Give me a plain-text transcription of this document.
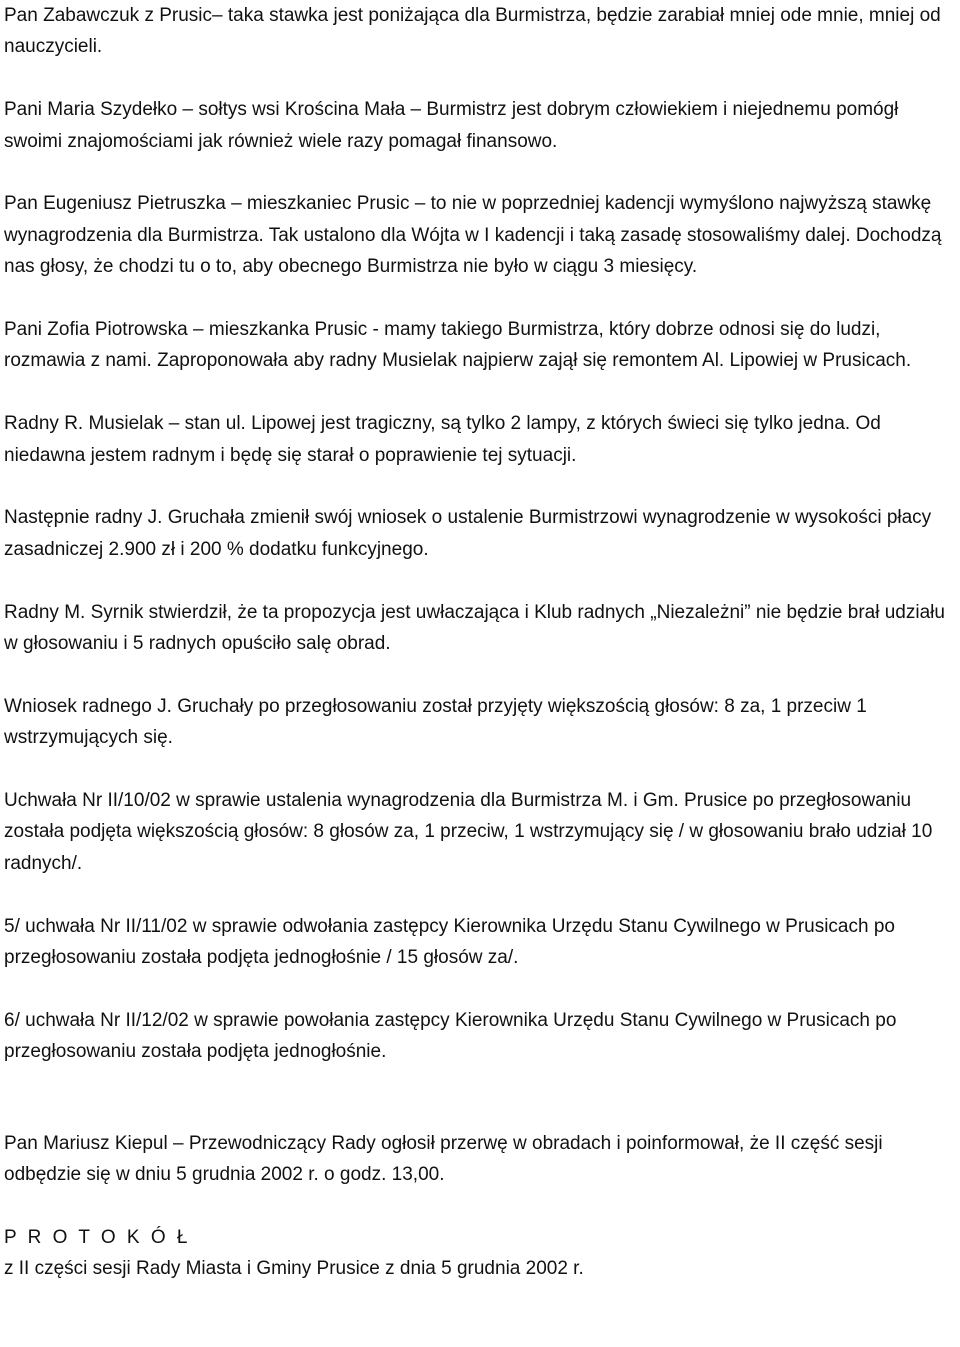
Pan Zabawczuk z Prusic– taka stawka jest poniżająca dla Burmistrza, będzie zarabiał mniej ode mnie, mniej od nauczycieli.

Pani Maria Szydełko – sołtys wsi Krościna Mała – Burmistrz jest dobrym człowiekiem i niejednemu pomógł swoimi znajomościami jak również wiele razy pomagał finansowo.

Pan Eugeniusz Pietruszka – mieszkaniec Prusic – to nie w poprzedniej kadencji wymyślono najwyższą stawkę wynagrodzenia dla Burmistrza. Tak ustalono dla Wójta w I kadencji i taką zasadę stosowaliśmy dalej. Dochodzą nas głosy, że chodzi tu o to, aby obecnego Burmistrza nie było w ciągu 3 miesięcy.

Pani Zofia Piotrowska – mieszkanka Prusic - mamy takiego Burmistrza, który dobrze odnosi się do ludzi, rozmawia z nami. Zaproponowała aby radny Musielak najpierw zajął się remontem Al. Lipowiej w Prusicach.

Radny R. Musielak – stan ul. Lipowej jest tragiczny, są tylko 2 lampy, z których świeci się tylko jedna. Od niedawna jestem radnym i będę się starał o poprawienie tej sytuacji.

Następnie radny J. Gruchała zmienił swój wniosek o ustalenie Burmistrzowi wynagrodzenie w wysokości płacy zasadniczej 2.900 zł i 200 % dodatku funkcyjnego.

Radny M. Syrnik stwierdził, że ta propozycja jest uwłaczająca i Klub radnych „Niezależni” nie będzie brał udziału w głosowaniu i 5 radnych opuściło salę obrad.

Wniosek radnego J. Gruchały po przegłosowaniu został przyjęty większością głosów: 8 za, 1 przeciw 1 wstrzymujących się.

Uchwała Nr II/10/02 w sprawie ustalenia wynagrodzenia dla Burmistrza M. i Gm. Prusice po przegłosowaniu została podjęta większością głosów: 8 głosów za, 1 przeciw, 1 wstrzymujący się / w głosowaniu brało udział 10 radnych/.

5/ uchwała Nr II/11/02 w sprawie odwołania zastępcy Kierownika Urzędu Stanu Cywilnego w Prusicach po przegłosowaniu została podjęta jednogłośnie / 15 głosów za/.

6/ uchwała Nr II/12/02 w sprawie powołania zastępcy Kierownika Urzędu Stanu Cywilnego w Prusicach po przegłosowaniu została podjęta jednogłośnie.

Pan Mariusz Kiepul – Przewodniczący Rady ogłosił przerwę w obradach i poinformował, że II część sesji odbędzie się w dniu 5 grudnia 2002 r. o godz. 13,00.

P R O T O K Ó Ł

z II części sesji Rady Miasta i Gminy Prusice z dnia 5 grudnia 2002 r.
